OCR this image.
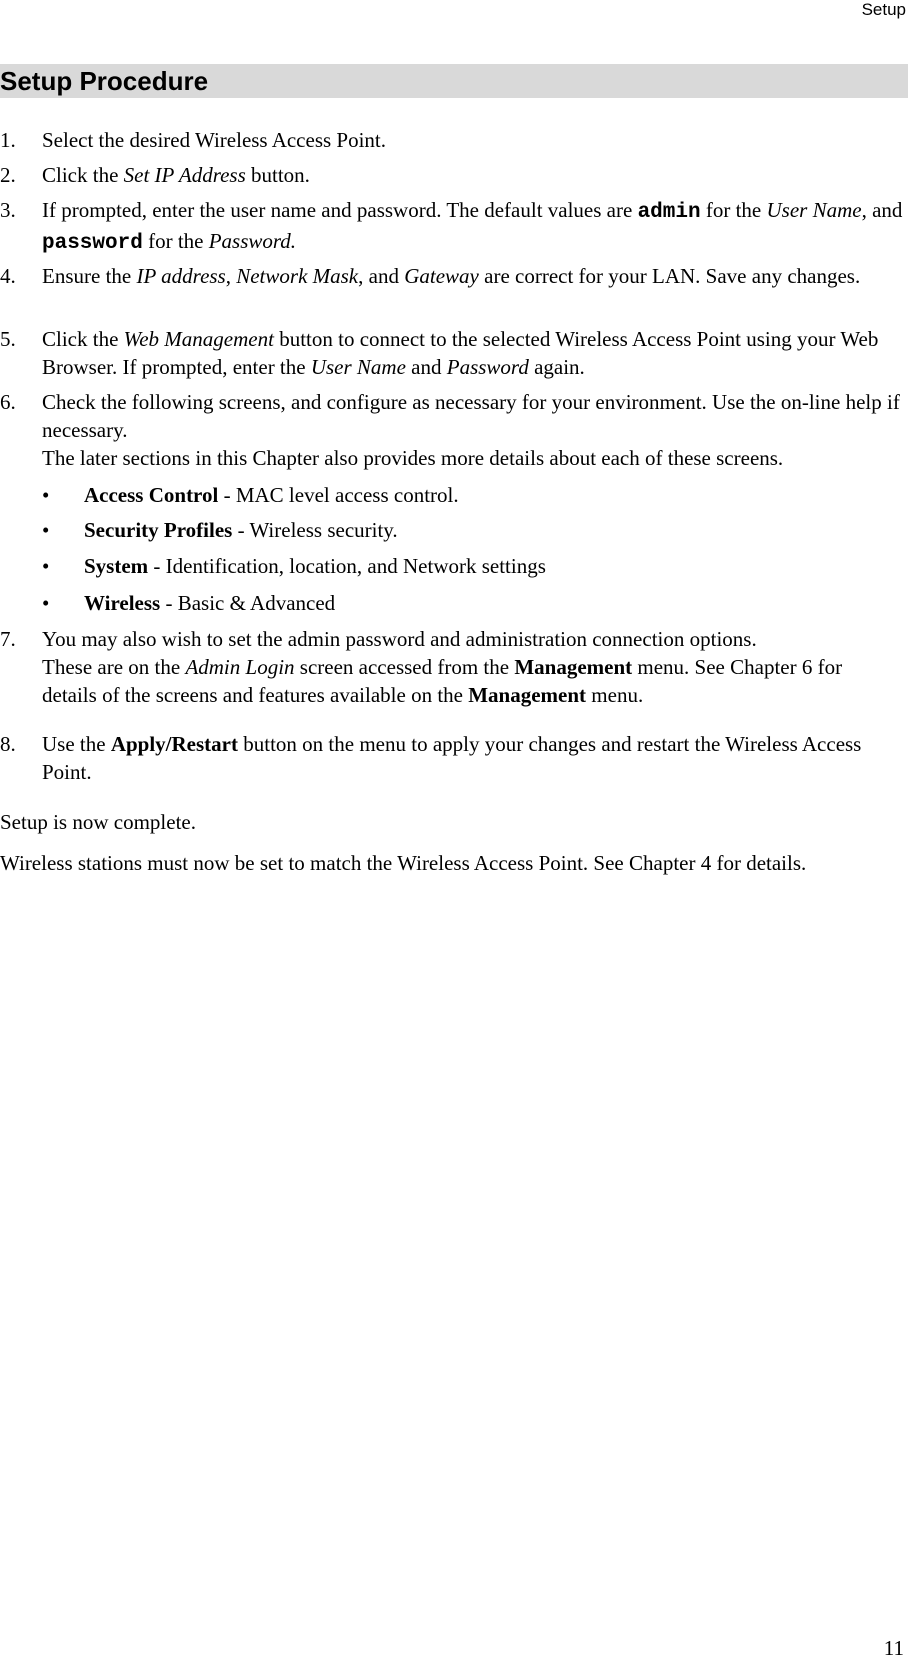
Setup
Setup Procedure
1. Select the desired Wireless Access Point.
2. Click the Set IP Address button.
3. If prompted, enter the user name and password. The default values are admin for the User Name, and password for the Password.
4. Ensure the IP address, Network Mask, and Gateway are correct for your LAN. Save any changes.
5. Click the Web Management button to connect to the selected Wireless Access Point using your Web Browser. If prompted, enter the User Name and Password again.
6. Check the following screens, and configure as necessary for your environment. Use the on-line help if necessary.
The later sections in this Chapter also provides more details about each of these screens.
• Access Control - MAC level access control.
• Security Profiles - Wireless security.
• System - Identification, location, and Network settings
• Wireless - Basic & Advanced
7. You may also wish to set the admin password and administration connection options.
These are on the Admin Login screen accessed from the Management menu. See Chapter 6 for details of the screens and features available on the Management menu.
8. Use the Apply/Restart button on the menu to apply your changes and restart the Wireless Access Point.
Setup is now complete.
Wireless stations must now be set to match the Wireless Access Point. See Chapter 4 for details.
11
